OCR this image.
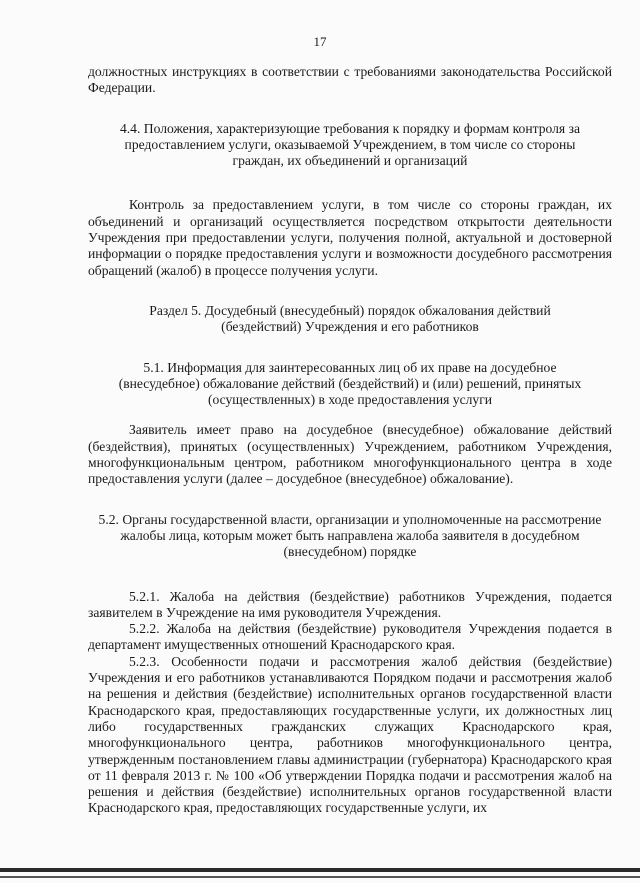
17

должностных инструкциях в соответствии с требованиями законодательства Российской Федерации.

4.4. Положения, характеризующие требования к порядку и формам контроля за предоставлением услуги, оказываемой Учреждением, в том числе со стороны граждан, их объединений и организаций

Контроль за предоставлением услуги, в том числе со стороны граждан, их объединений и организаций осуществляется посредством открытости деятельности Учреждения при предоставлении услуги, получения полной, актуальной и достоверной информации о порядке предоставления услуги и возможности досудебного рассмотрения обращений (жалоб) в процессе получения услуги.

Раздел 5. Досудебный (внесудебный) порядок обжалования действий (бездействий) Учреждения и его работников

5.1. Информация для заинтересованных лиц об их праве на досудебное (внесудебное) обжалование действий (бездействий) и (или) решений, принятых (осуществленных) в ходе предоставления услуги

Заявитель имеет право на досудебное (внесудебное) обжалование действий (бездействия), принятых (осуществленных) Учреждением, работником Учреждения, многофункциональным центром, работником многофункционального центра в ходе предоставления услуги (далее – досудебное (внесудебное) обжалование).

5.2. Органы государственной власти, организации и уполномоченные на рассмотрение жалобы лица, которым может быть направлена жалоба заявителя в досудебном (внесудебном) порядке

5.2.1. Жалоба на действия (бездействие) работников Учреждения, подается заявителем в Учреждение на имя руководителя Учреждения.

5.2.2. Жалоба на действия (бездействие) руководителя Учреждения подается в департамент имущественных отношений Краснодарского края.

5.2.3. Особенности подачи и рассмотрения жалоб действия (бездействие) Учреждения и его работников устанавливаются Порядком подачи и рассмотрения жалоб на решения и действия (бездействие) исполнительных органов государственной власти Краснодарского края, предоставляющих государственные услуги, их должностных лиц либо государственных гражданских служащих Краснодарского края, многофункционального центра, работников многофункционального центра, утвержденным постановлением главы администрации (губернатора) Краснодарского края от 11 февраля 2013 г. № 100 «Об утверждении Порядка подачи и рассмотрения жалоб на решения и действия (бездействие) исполнительных органов государственной власти Краснодарского края, предоставляющих государственные услуги, их
